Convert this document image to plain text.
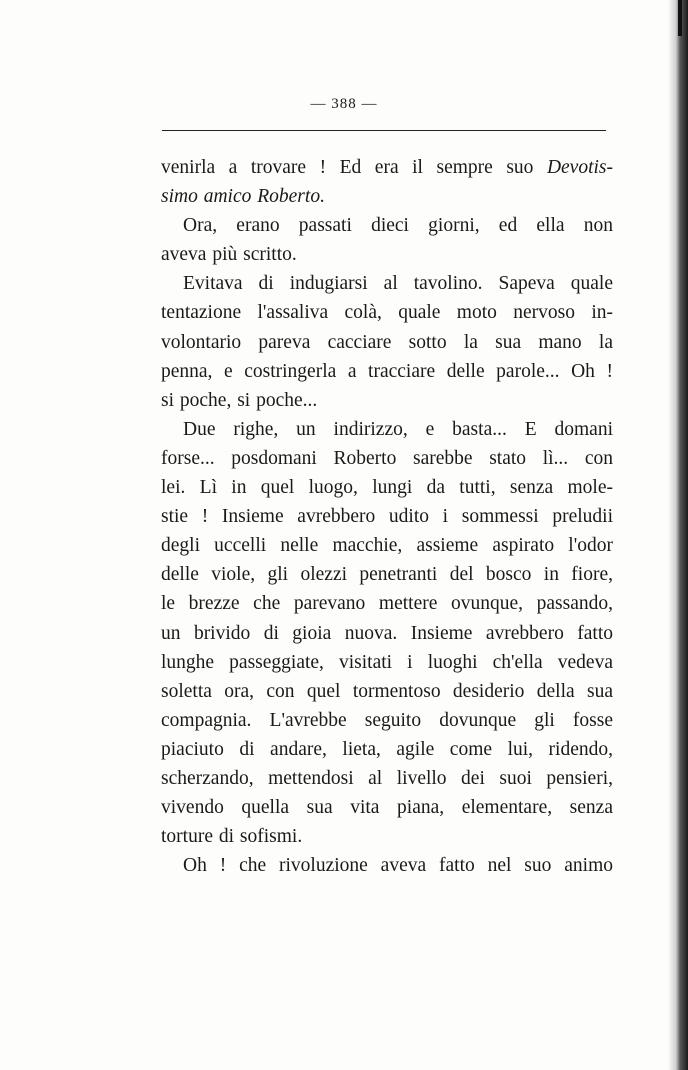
— 388 —
venirla a trovare ! Ed era il sempre suo Devotis-
simo amico Roberto.
Ora, erano passati dieci giorni, ed ella non
aveva più scritto.
Evitava di indugiarsi al tavolino. Sapeva quale
tentazione l'assaliva colà, quale moto nervoso in-
volontario pareva cacciare sotto la sua mano la
penna, e costringerla a tracciare delle parole... Oh !
si poche, si poche...
Due righe, un indirizzo, e basta... E domani
forse... posdomani Roberto sarebbe stato lì... con
lei. Lì in quel luogo, lungi da tutti, senza mole-
stie ! Insieme avrebbero udito i sommessi preludii
degli uccelli nelle macchie, assieme aspirato l'odor
delle viole, gli olezzi penetranti del bosco in fiore,
le brezze che parevano mettere ovunque, passando,
un brivido di gioia nuova. Insieme avrebbero fatto
lunghe passeggiate, visitati i luoghi ch'ella vedeva
soletta ora, con quel tormentoso desiderio della sua
compagnia. L'avrebbe seguito dovunque gli fosse
piaciuto di andare, lieta, agile come lui, ridendo,
scherzando, mettendosi al livello dei suoi pensieri,
vivendo quella sua vita piana, elementare, senza
torture di sofismi.
Oh ! che rivoluzione aveva fatto nel suo animo
